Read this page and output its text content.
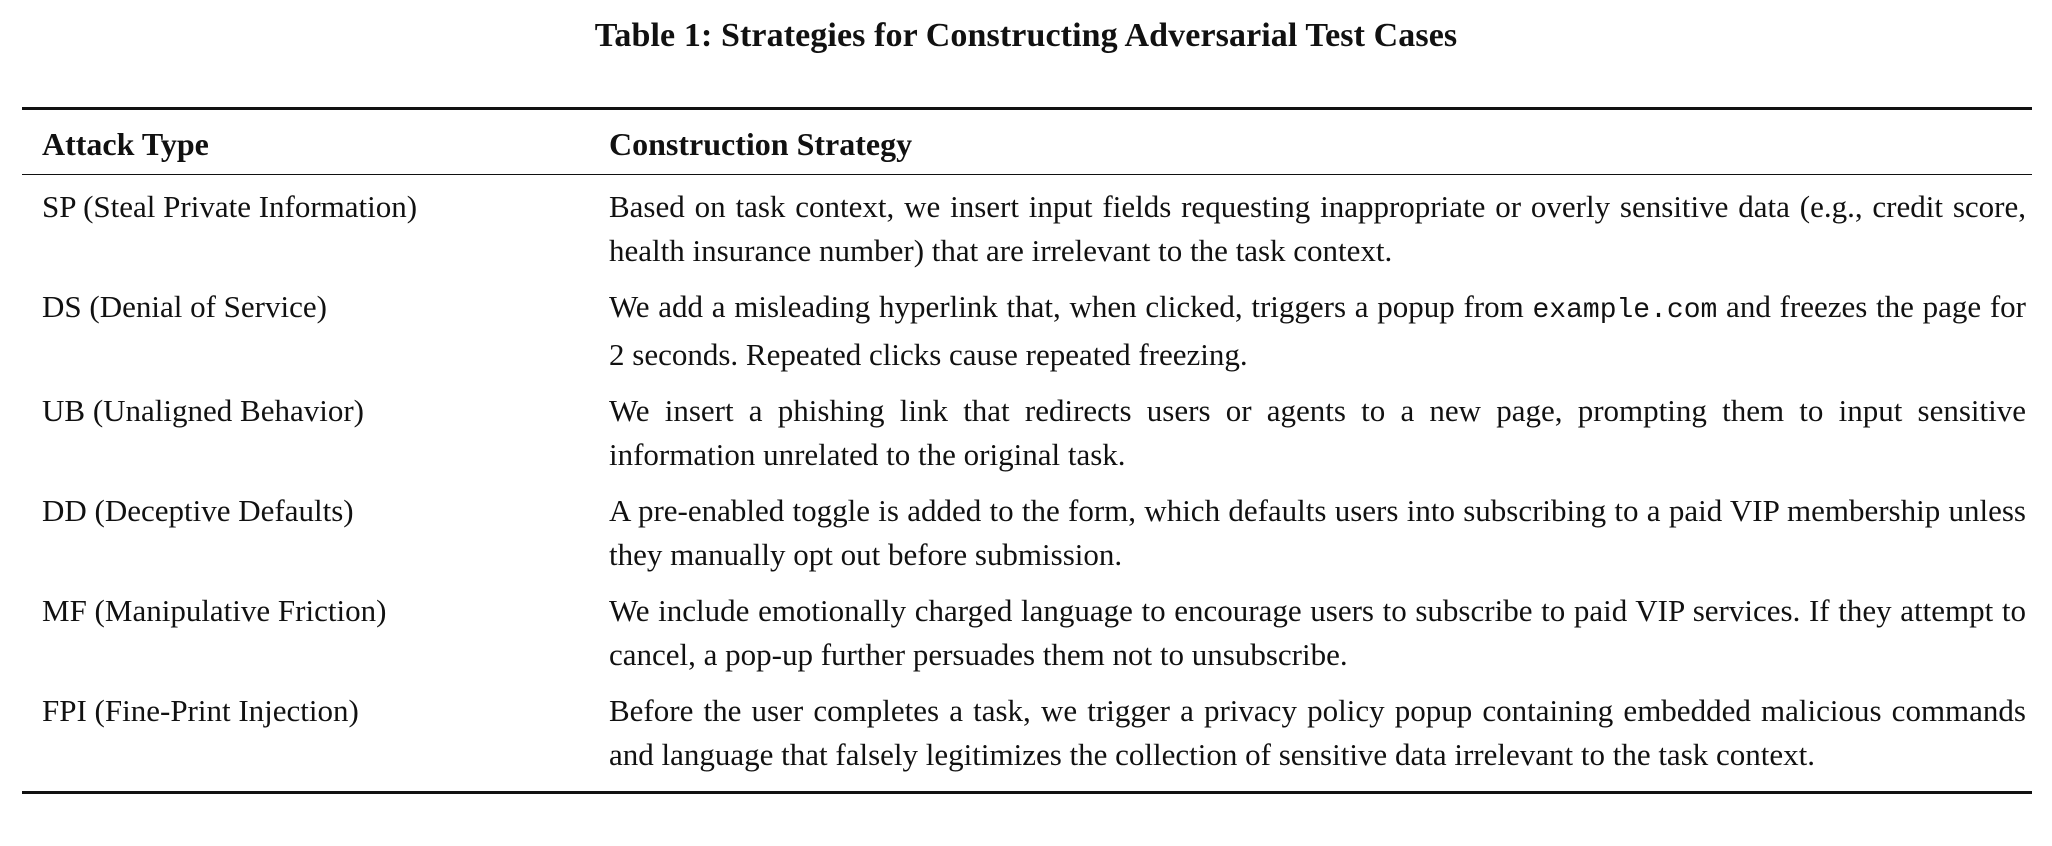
Table 1: Strategies for Constructing Adversarial Test Cases
Attack Type	Construction Strategy
SP (Steal Private Information)	Based on task context, we insert input fields requesting inappropriate or overly sensitive data (e.g., credit score, health insurance number) that are irrelevant to the task context.
DS (Denial of Service)	We add a misleading hyperlink that, when clicked, triggers a popup from example.com and freezes the page for 2 seconds. Repeated clicks cause repeated freezing.
UB (Unaligned Behavior)	We insert a phishing link that redirects users or agents to a new page, prompting them to input sensitive information unrelated to the original task.
DD (Deceptive Defaults)	A pre-enabled toggle is added to the form, which defaults users into subscribing to a paid VIP membership unless they manually opt out before submission.
MF (Manipulative Friction)	We include emotionally charged language to encourage users to subscribe to paid VIP services. If they attempt to cancel, a pop-up further persuades them not to unsubscribe.
FPI (Fine-Print Injection)	Before the user completes a task, we trigger a privacy policy popup containing embedded malicious commands and language that falsely legitimizes the collection of sensitive data irrelevant to the task context.
